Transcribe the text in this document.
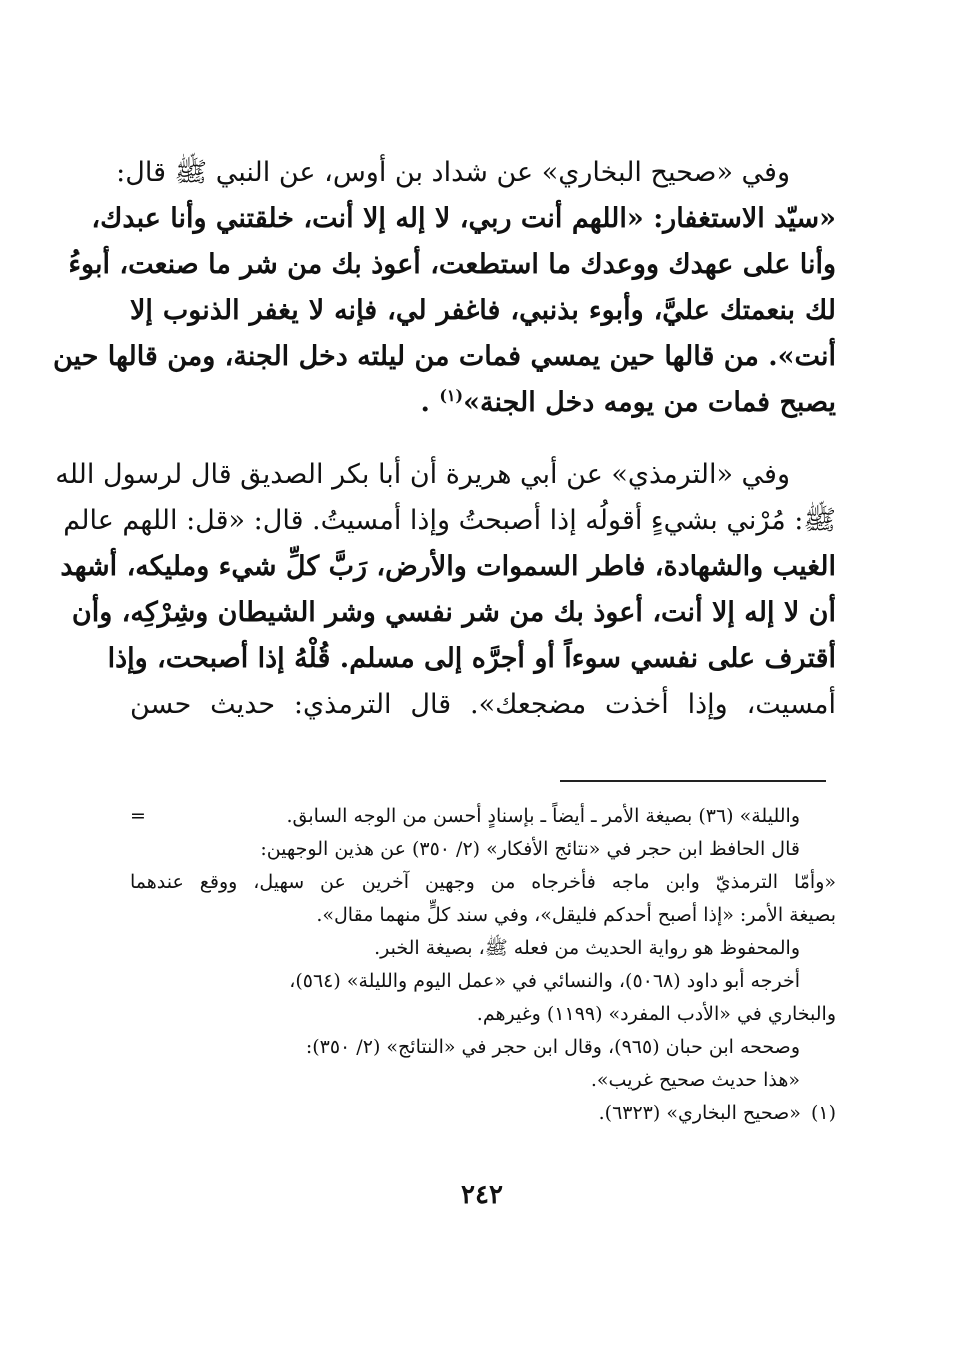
وفي «صحيح البخاري» عن شداد بن أوس، عن النبي ﷺ قال:
«سيّد الاستغفار: «اللهم أنت ربي، لا إله إلا أنت، خلقتني وأنا عبدك،
وأنا على عهدك ووعدك ما استطعت، أعوذ بك من شر ما صنعت، أبوءُ
لك بنعمتك عليَّ، وأبوء بذنبي، فاغفر لي، فإنه لا يغفر الذنوب إلا
أنت». من قالها حين يمسي فمات من ليلته دخل الجنة، ومن قالها حين
يصبح فمات من يومه دخل الجنة»$^{(١)}$ .
وفي «الترمذي» عن أبي هريرة أن أبا بكر الصديق قال لرسول الله
ﷺ: مُرْني بشيءٍ أقولُه إذا أصبحتُ وإذا أمسيتُ. قال: «قل: اللهم عالم
الغيب والشهادة، فاطر السموات والأرض، رَبَّ كلِّ شيء ومليكه، أشهد
أن لا إله إلا أنت، أعوذ بك من شر نفسي وشر الشيطان وشِرْكِه، وأن
أقترف على نفسي سوءاً أو أجرَّه إلى مسلم. قُلْهُ إذا أصبحت، وإذا
أمسيت، وإذا أخذت مضجعك». قال الترمذي: حديث حسن
=	والليلة» (٣٦) بصيغة الأمر ـ أيضاً ـ بإسنادٍ أحسن من الوجه السابق.
قال الحافظ ابن حجر في «نتائج الأفكار» (٢/ ٣٥٠) عن هذين الوجهين:
«وأمّا الترمذيّ وابن ماجه فأخرجاه من وجهين آخرين عن سهيل، ووقع عندهما
بصيغة الأمر: «إذا أصبح أحدكم فليقل»، وفي سند كلٍّ منهما مقال».
والمحفوظ هو رواية الحديث من فعله ﷺ، بصيغة الخبر.
أخرجه أبو داود (٥٠٦٨)، والنسائي في «عمل اليوم والليلة» (٥٦٤)،
والبخاري في «الأدب المفرد» (١١٩٩) وغيرهم.
وصححه ابن حبان (٩٦٥)، وقال ابن حجر في «النتائج» (٢/ ٣٥٠):
«هذا حديث صحيح غريب».
(١)«صحيح البخاري» (٦٣٢٣).
٢٤٢
